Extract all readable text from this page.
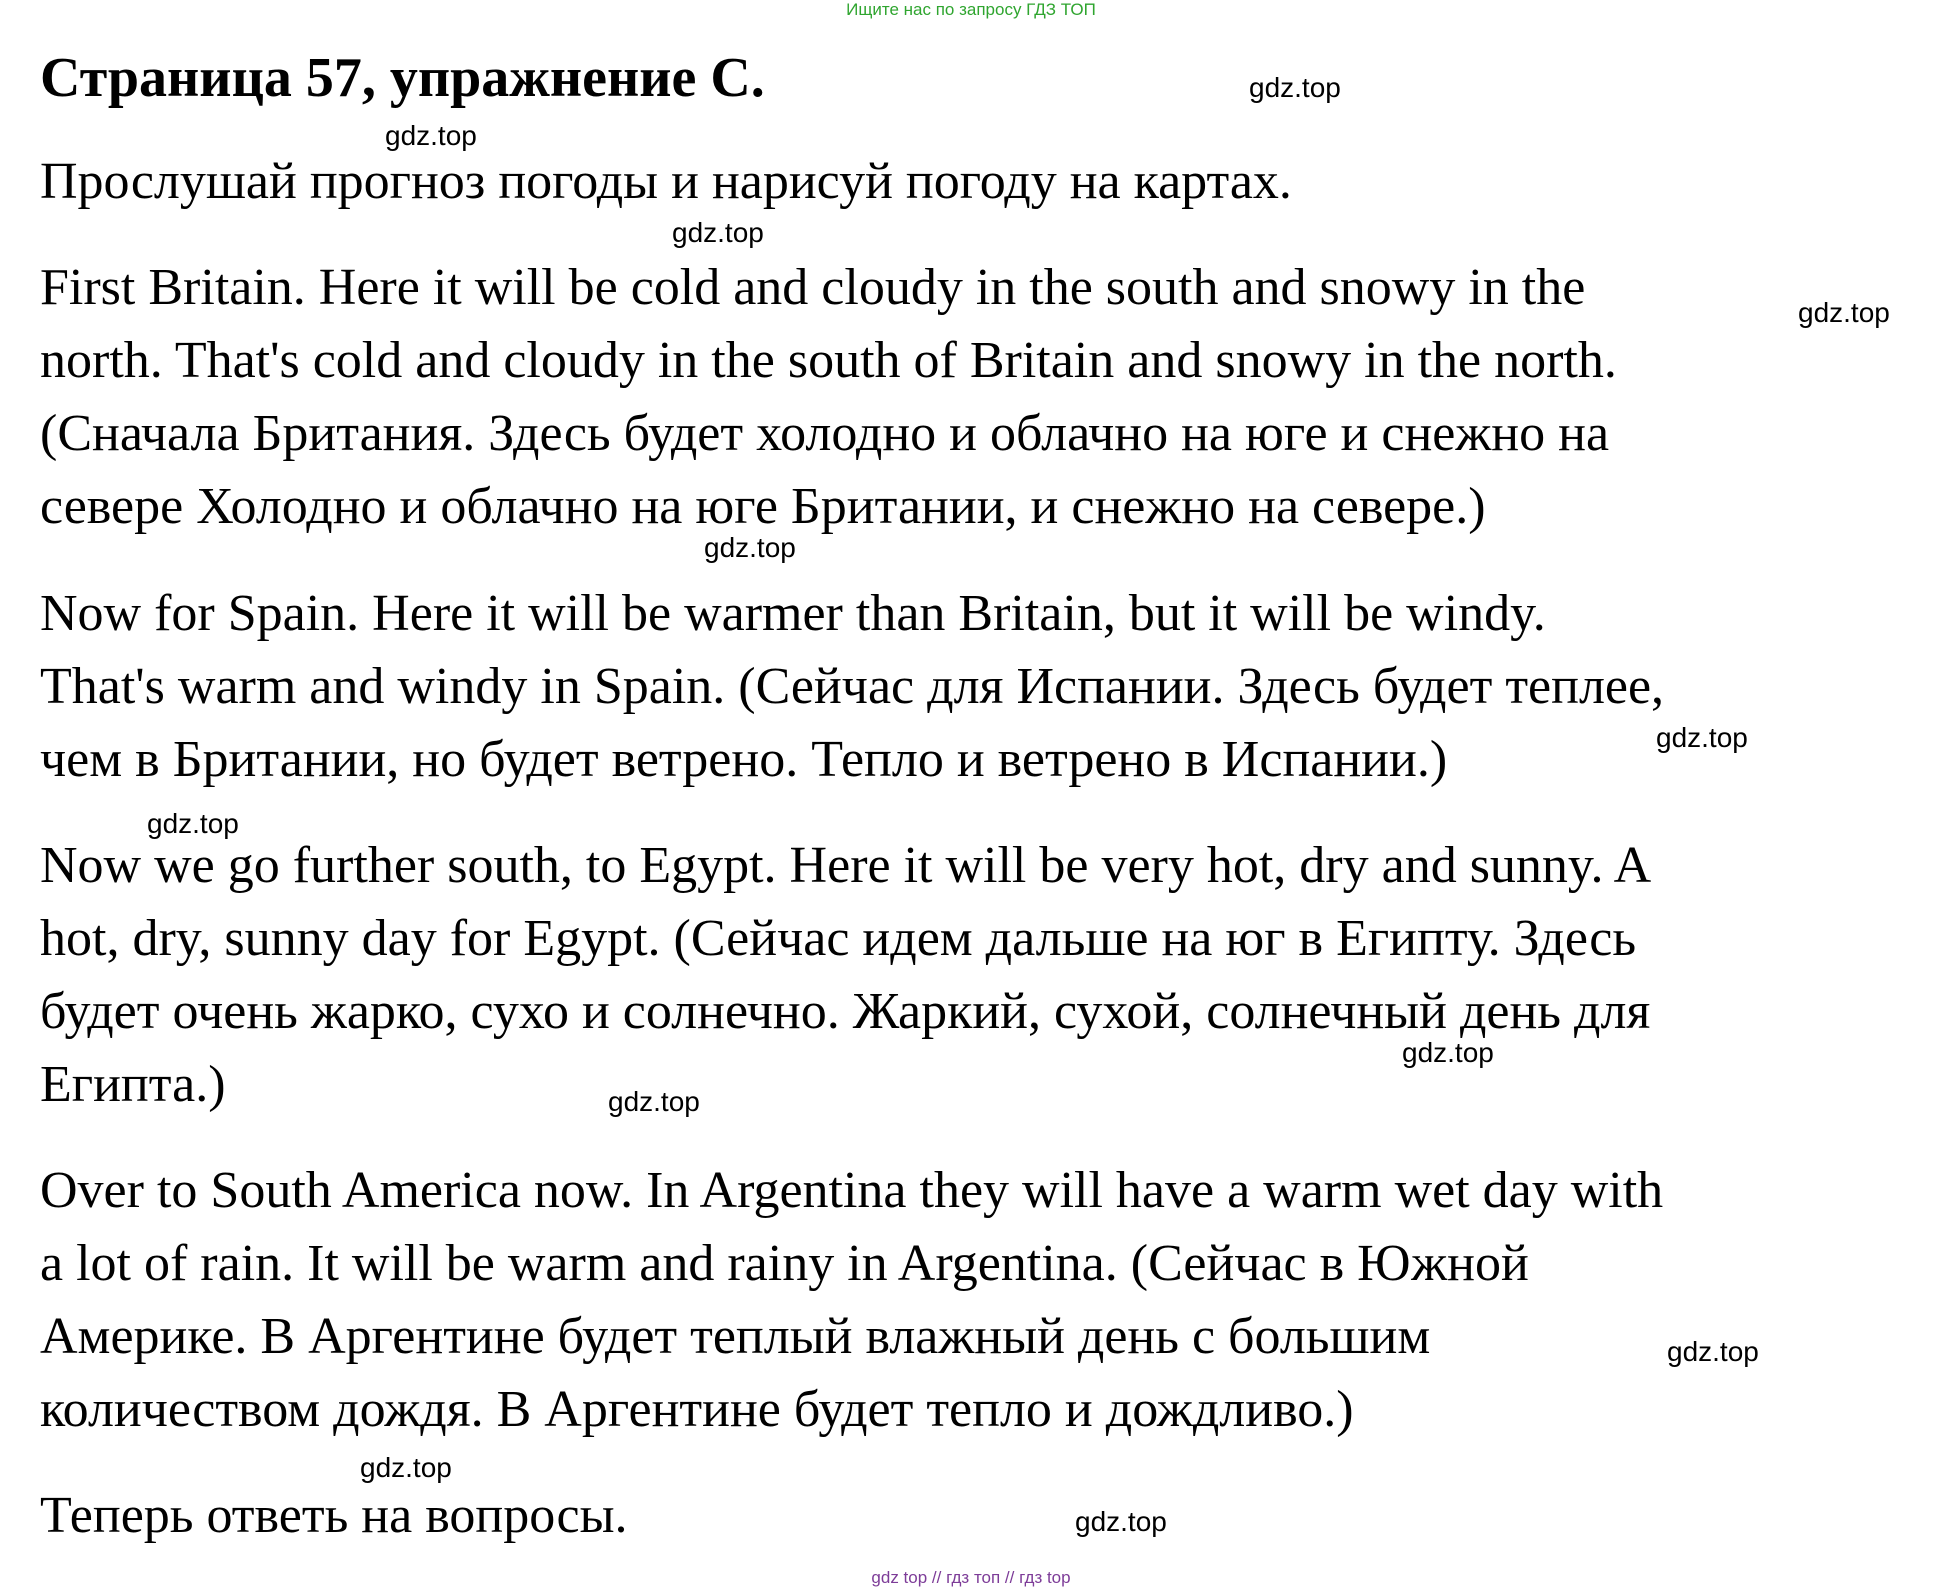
Ищите нас по запросу ГДЗ ТОП
Страница 57, упражнение С.

Прослушай прогноз погоды и нарисуй погоду на картах.

First Britain. Here it will be cold and cloudy in the south and snowy in the

north. That's cold and cloudy in the south of Britain and snowy in the north.

(Сначала Британия. Здесь будет холодно и облачно на юге и снежно на

севере Холодно и облачно на юге Британии, и снежно на севере.)

Now for Spain. Here it will be warmer than Britain, but it will be windy.

That's warm and windy in Spain. (Сейчас для Испании. Здесь будет теплее,

чем в Британии, но будет ветрено. Тепло и ветрено в Испании.)

Now we go further south, to Egypt. Here it will be very hot, dry and sunny. A

hot, dry, sunny day for Egypt. (Сейчас идем дальше на юг в Египту. Здесь

будет очень жарко, сухо и солнечно. Жаркий, сухой, солнечный день для

Египта.)

Over to South America now. In Argentina they will have a warm wet day with

a lot of rain. It will be warm and rainy in Argentina. (Сейчас в Южной

Америке. В Аргентине будет теплый влажный день с большим

количеством дождя. В Аргентине будет тепло и дождливо.)

Теперь ответь на вопросы.

gdz.top
gdz.top
gdz.top
gdz.top
gdz.top
gdz.top
gdz.top
gdz.top
gdz.top
gdz.top
gdz.top
gdz.top
gdz top // гдз топ // гдз top
